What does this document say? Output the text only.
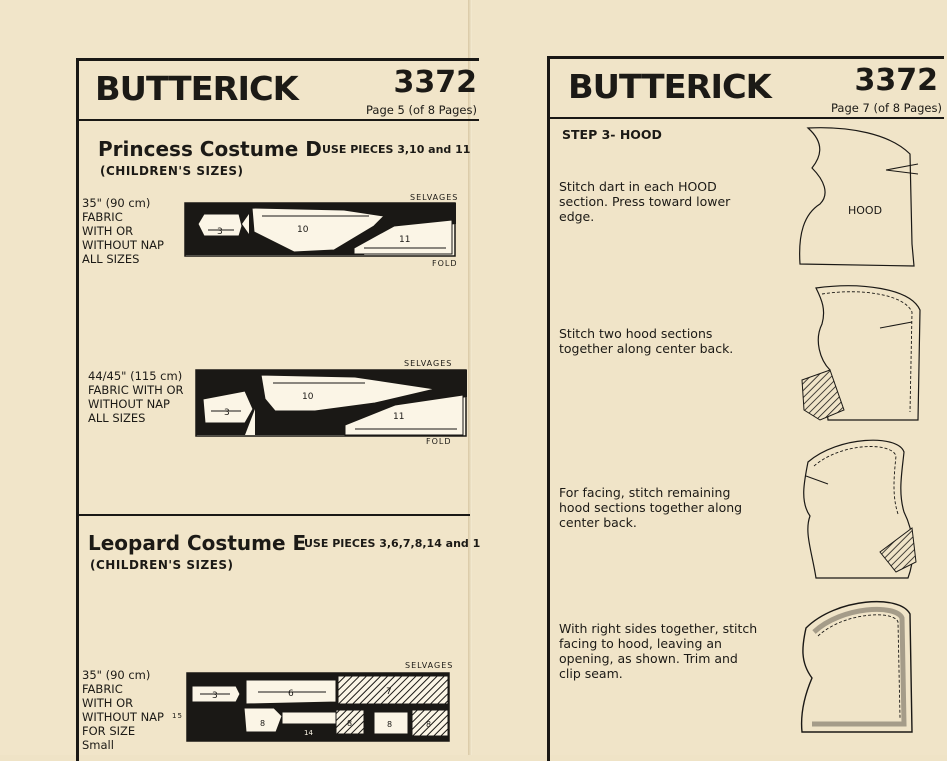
BUTTERICK	3372
Page 5 (of 8 Pages)
Princess Costume D USE PIECES 3,10 and 11
(CHILDREN'S SIZES)
35" (90 cm)
FABRIC
WITH OR
WITHOUT NAP
ALL SIZES
SELVAGES
FOLD
3	10
11
44/45" (115 cm)
FABRIC WITH OR
WITHOUT NAP
ALL SIZES
SELVAGES
FOLD
3
10
11
Leopard Costume E
USE PIECES 3,6,7,8,14 and 1
(CHILDREN'S SIZES)
35" (90 cm)
FABRIC
WITH OR
WITHOUT NAP
FOR SIZE
Small
SELVAGES
15
3	6	7
8
14
8	8	8
BUTTERICK	3372
Page 7 (of 8 Pages)
STEP 3- HOOD
Stitch dart in each HOOD section. Press toward lower edge.
Stitch two hood sections together along center back.
For facing, stitch remaining hood sections together along center back.
With right sides together, stitch facing to hood, leaving an opening, as shown. Trim and clip seam.
HOOD
